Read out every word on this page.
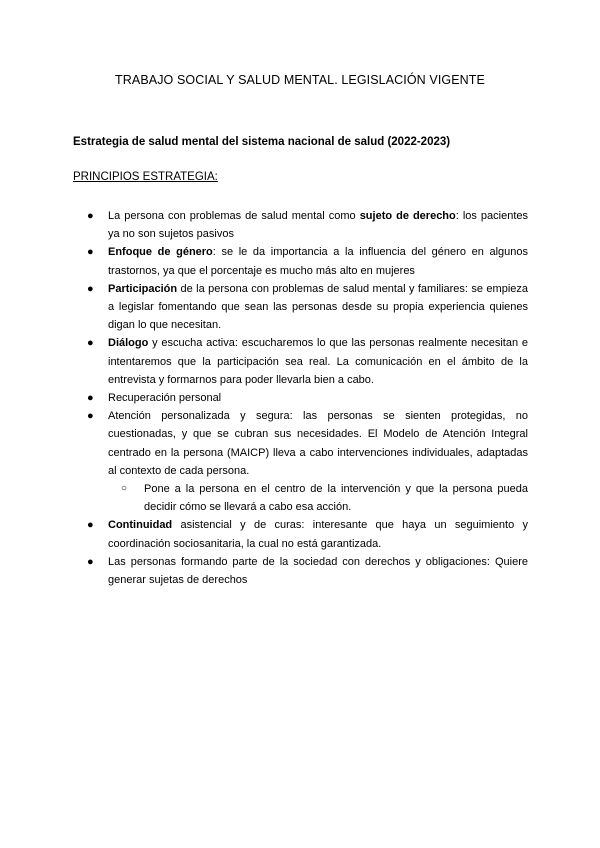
TRABAJO SOCIAL Y SALUD MENTAL. LEGISLACIÓN VIGENTE
Estrategia de salud mental del sistema nacional de salud (2022-2023)
PRINCIPIOS ESTRATEGIA:
● La persona con problemas de salud mental como sujeto de derecho: los pacientes ya no son sujetos pasivos
● Enfoque de género: se le da importancia a la influencia del género en algunos trastornos, ya que el porcentaje es mucho más alto en mujeres
● Participación de la persona con problemas de salud mental y familiares: se empieza a legislar fomentando que sean las personas desde su propia experiencia quienes digan lo que necesitan.
● Diálogo y escucha activa: escucharemos lo que las personas realmente necesitan e intentaremos que la participación sea real. La comunicación en el ámbito de la entrevista y formarnos para poder llevarla bien a cabo.
● Recuperación personal
● Atención personalizada y segura: las personas se sienten protegidas, no cuestionadas, y que se cubran sus necesidades. El Modelo de Atención Integral centrado en la persona (MAICP) lleva a cabo intervenciones individuales, adaptadas al contexto de cada persona.
○ Pone a la persona en el centro de la intervención y que la persona pueda decidir cómo se llevará a cabo esa acción.
● Continuidad asistencial y de curas: interesante que haya un seguimiento y coordinación sociosanitaria, la cual no está garantizada.
● Las personas formando parte de la sociedad con derechos y obligaciones: Quiere generar sujetas de derechos
